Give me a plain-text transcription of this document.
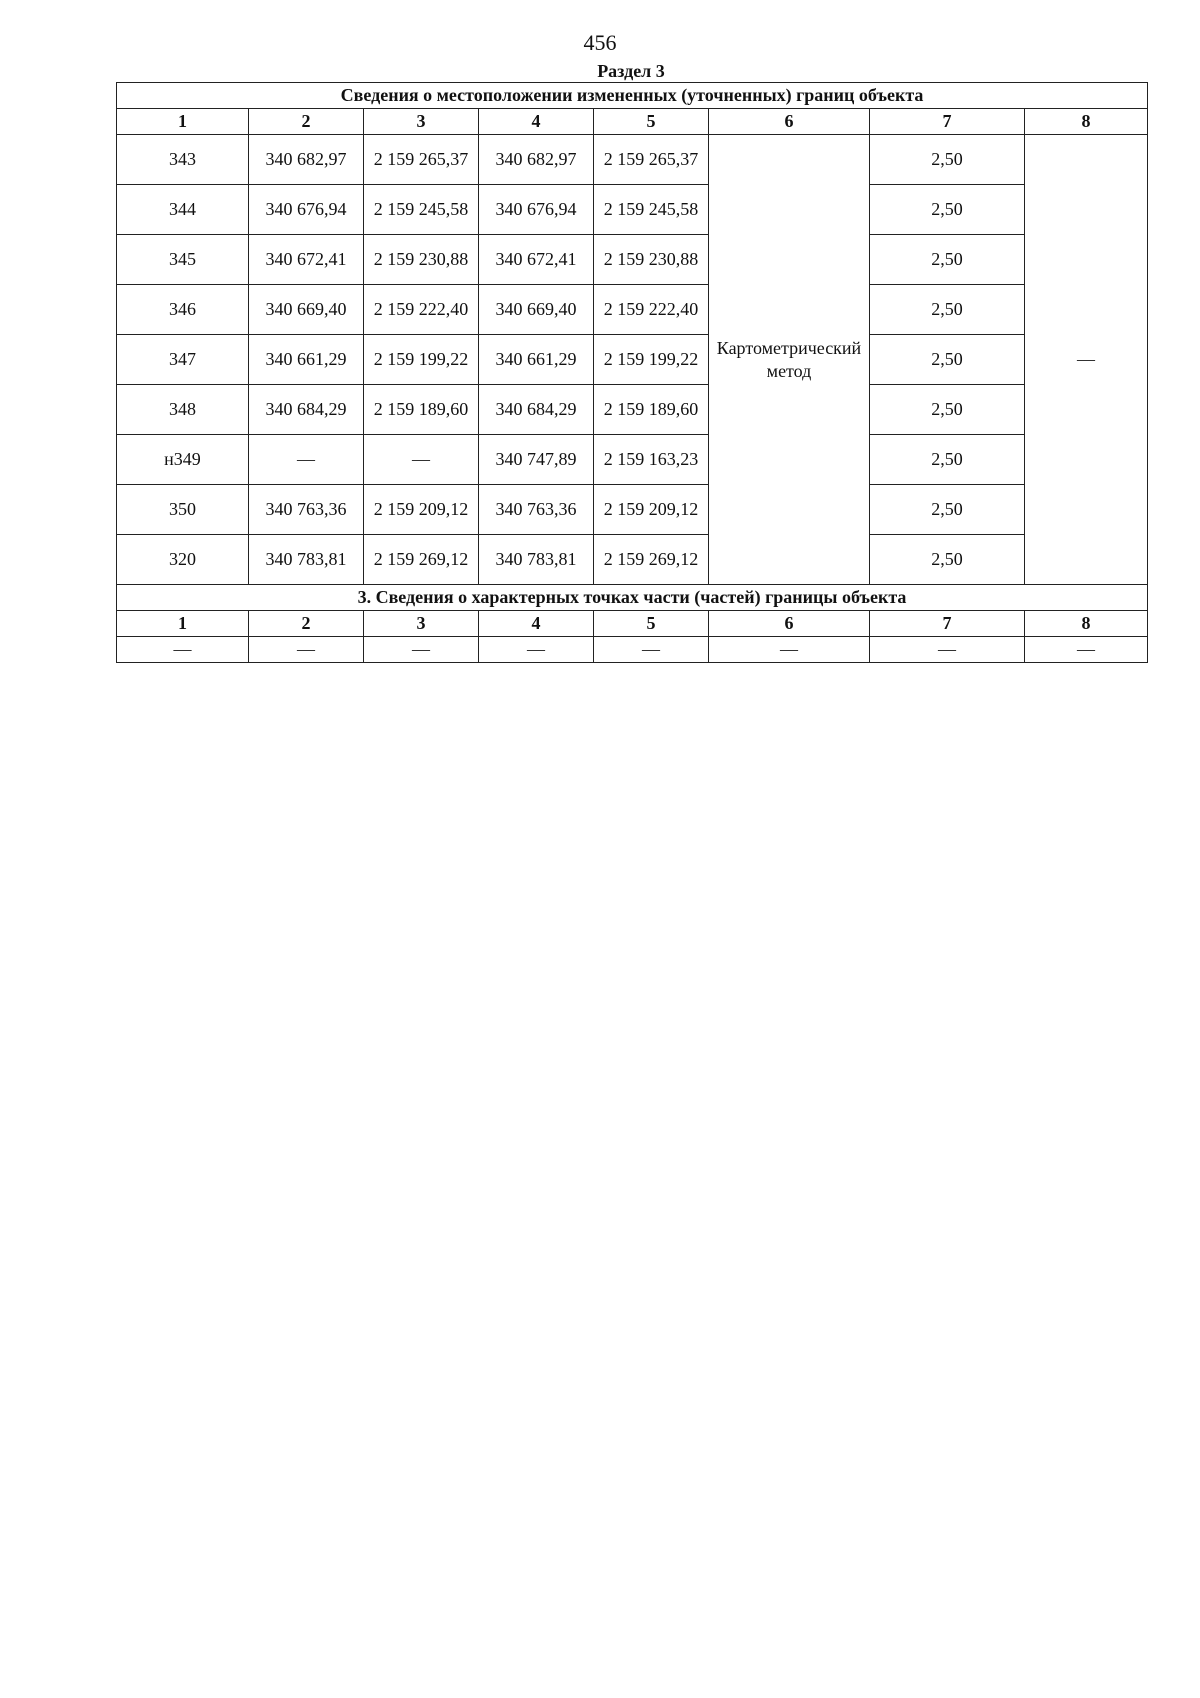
456
Раздел 3
Сведения о местоположении измененных (уточненных) границ объекта							
1	2	3	4	5	6	7	8
343	340 682,97	2 159 265,37	340 682,97	2 159 265,37	Картометрический метод	2,50	—
344	340 676,94	2 159 245,58	340 676,94	2 159 245,58		2,50	
345	340 672,41	2 159 230,88	340 672,41	2 159 230,88		2,50	
346	340 669,40	2 159 222,40	340 669,40	2 159 222,40		2,50	
347	340 661,29	2 159 199,22	340 661,29	2 159 199,22		2,50	
348	340 684,29	2 159 189,60	340 684,29	2 159 189,60		2,50	
н349	—	—	340 747,89	2 159 163,23		2,50	
350	340 763,36	2 159 209,12	340 763,36	2 159 209,12		2,50	
320	340 783,81	2 159 269,12	340 783,81	2 159 269,12		2,50	
3. Сведения о характерных точках части (частей) границы объекта							
1	2	3	4	5	6	7	8
—	—	—	—	—	—	—	—
